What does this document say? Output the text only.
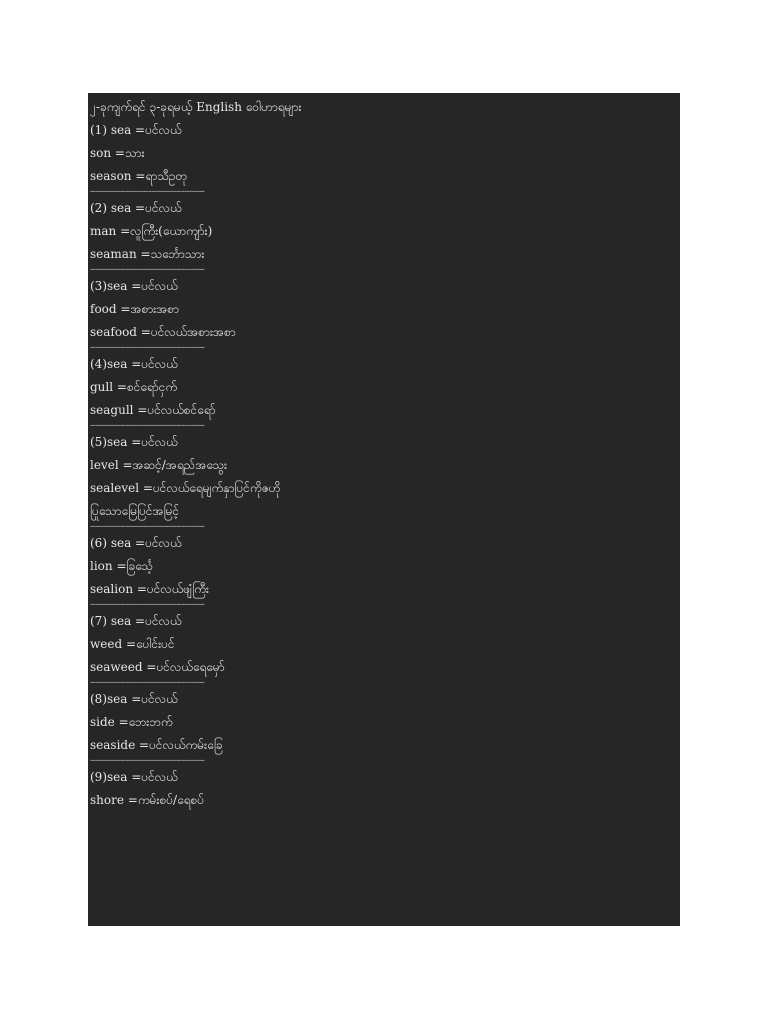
၂-ခုကျက်ရင် ၃-ခုရမယ့် English ဝေါဟာရများ
(1) sea =ပင်လယ်
son =သား
season =ရာသီဥတု
---------------------------------------------
(2) sea =ပင်လယ်
man =လူကြီး(ယောကျာ်း)
seaman =သင်္ဘောသား
---------------------------------------------
(3)sea =ပင်လယ်
food =အစားအစာ
seafood =ပင်လယ်အစားအစာ
---------------------------------------------
(4)sea =ပင်လယ်
gull =စင်ရော်ငှက်
seagull =ပင်လယ်စင်ရော်
---------------------------------------------
(5)sea =ပင်လယ်
level =အဆင့်/အရည်အသွေး
sealevel =ပင်လယ်ရေမျက်နှာပြင်ကိုဇဟို
ပြုသောမြေပြင်အမြင့်
---------------------------------------------
(6) sea =ပင်လယ်
lion =ခြင်္သေ့
sealion =ပင်လယ်ဖျံကြီး
---------------------------------------------
(7) sea =ပင်လယ်
weed =ပေါင်းပင်
seaweed =ပင်လယ်ရေမှော်
---------------------------------------------
(8)sea =ပင်လယ်
side =ဘေးဘက်
seaside =ပင်လယ်ကမ်းခြေ
---------------------------------------------
(9)sea =ပင်လယ်
shore =ကမ်းစပ်/ရေစပ်
